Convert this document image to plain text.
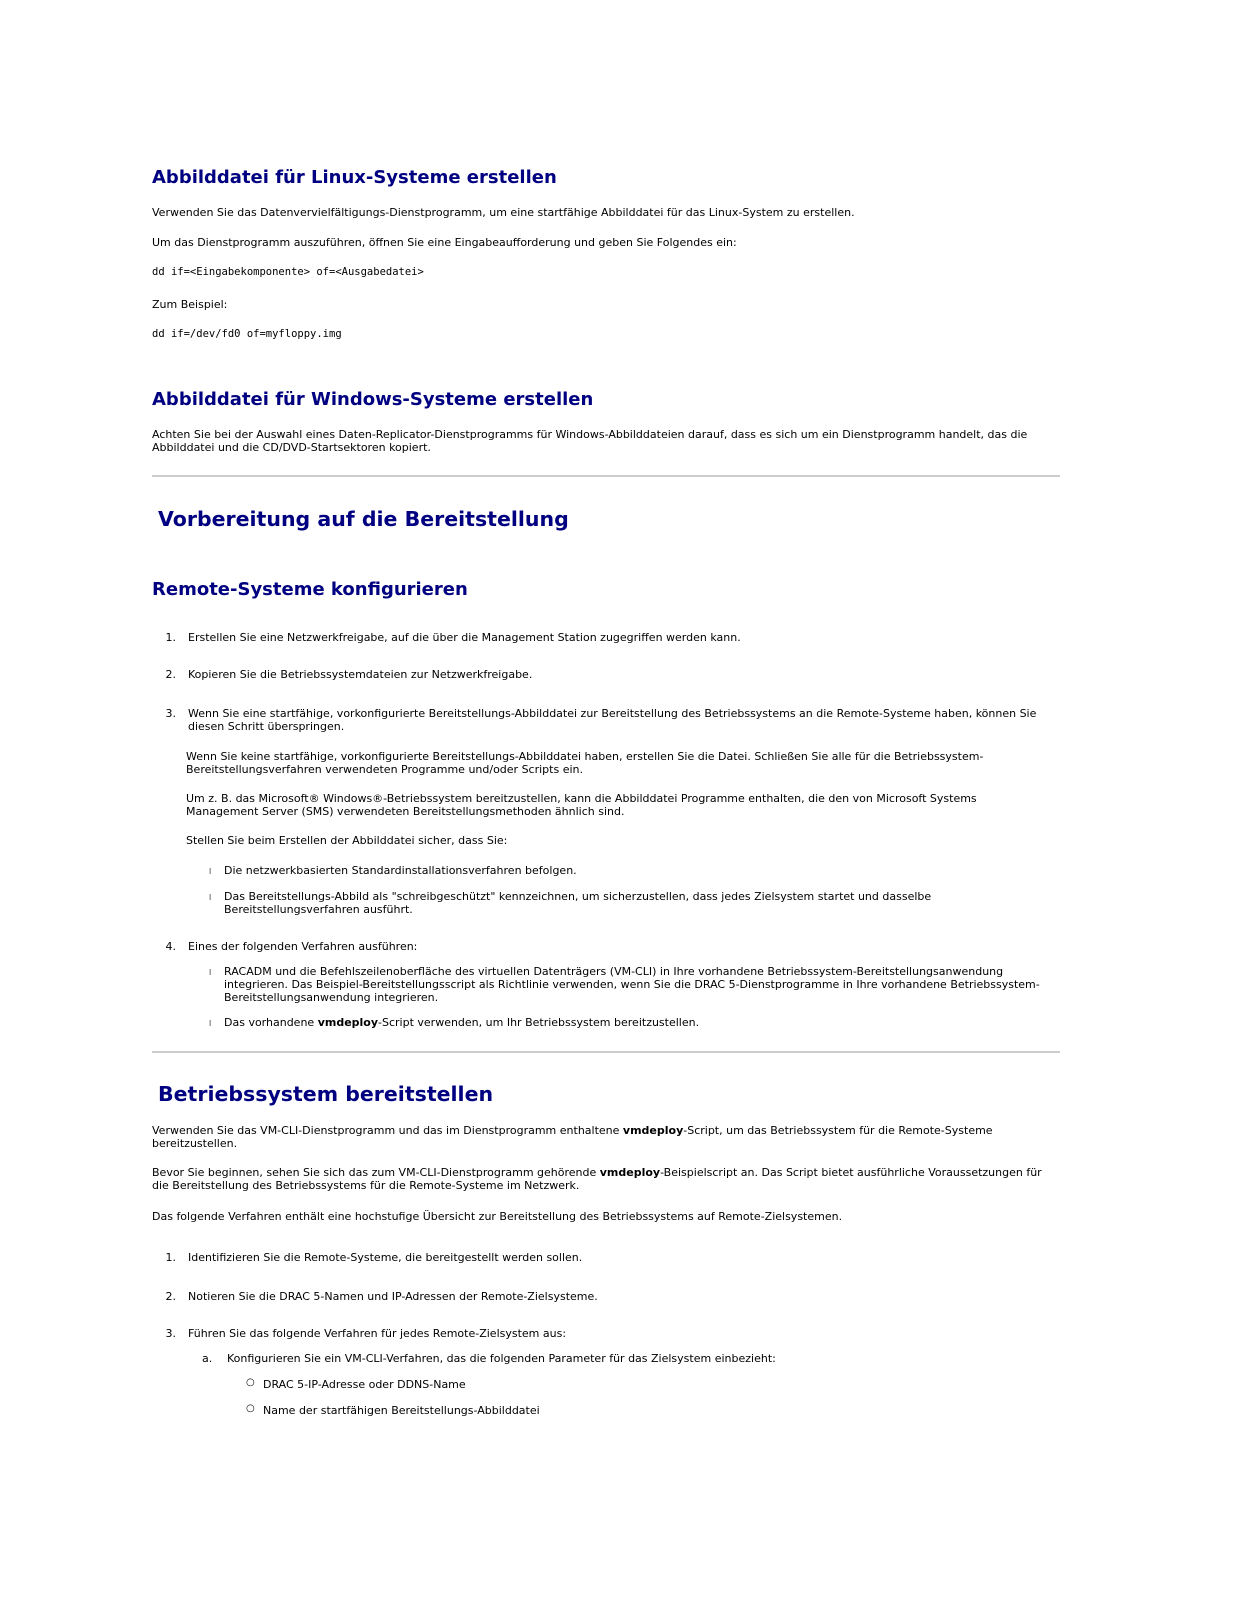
Abbilddatei für Linux-Systeme erstellen

Verwenden Sie das Datenvervielfältigungs-Dienstprogramm, um eine startfähige Abbilddatei für das Linux-System zu erstellen.

Um das Dienstprogramm auszuführen, öffnen Sie eine Eingabeaufforderung und geben Sie Folgendes ein:

dd if=<Eingabekomponente> of=<Ausgabedatei>

Zum Beispiel:

dd if=/dev/fd0 of=myfloppy.img

Abbilddatei für Windows-Systeme erstellen

Achten Sie bei der Auswahl eines Daten-Replicator-Dienstprogramms für Windows-Abbilddateien darauf, dass es sich um ein Dienstprogramm handelt, das die Abbilddatei und die CD/DVD-Startsektoren kopiert.

Vorbereitung auf die Bereitstellung
Remote-Systeme konfigurieren
1. Erstellen Sie eine Netzwerkfreigabe, auf die über die Management Station zugegriffen werden kann.

2. Kopieren Sie die Betriebssystemdateien zur Netzwerkfreigabe.

3. Wenn Sie eine startfähige, vorkonfigurierte Bereitstellungs-Abbilddatei zur Bereitstellung des Betriebssystems an die Remote-Systeme haben, können Sie diesen Schritt überspringen.

Wenn Sie keine startfähige, vorkonfigurierte Bereitstellungs-Abbilddatei haben, erstellen Sie die Datei. Schließen Sie alle für die Betriebssystem-Bereitstellungsverfahren verwendeten Programme und/oder Scripts ein.

Um z. B. das Microsoft® Windows®-Betriebssystem bereitzustellen, kann die Abbilddatei Programme enthalten, die den von Microsoft Systems Management Server (SMS) verwendeten Bereitstellungsmethoden ähnlich sind.

Stellen Sie beim Erstellen der Abbilddatei sicher, dass Sie:

l Die netzwerkbasierten Standardinstallationsverfahren befolgen.

l Das Bereitstellungs-Abbild als "schreibgeschützt" kennzeichnen, um sicherzustellen, dass jedes Zielsystem startet und dasselbe Bereitstellungsverfahren ausführt.

4. Eines der folgenden Verfahren ausführen:

l RACADM und die Befehlszeilenoberfläche des virtuellen Datenträgers (VM-CLI) in Ihre vorhandene Betriebssystem-Bereitstellungsanwendung integrieren. Das Beispiel-Bereitstellungsscript als Richtlinie verwenden, wenn Sie die DRAC 5-Dienstprogramme in Ihre vorhandene Betriebssystem-Bereitstellungsanwendung integrieren.

l Das vorhandene vmdeploy-Script verwenden, um Ihr Betriebssystem bereitzustellen.

Betriebssystem bereitstellen

Verwenden Sie das VM-CLI-Dienstprogramm und das im Dienstprogramm enthaltene vmdeploy-Script, um das Betriebssystem für die Remote-Systeme bereitzustellen.

Bevor Sie beginnen, sehen Sie sich das zum VM-CLI-Dienstprogramm gehörende vmdeploy-Beispielscript an. Das Script bietet ausführliche Voraussetzungen für die Bereitstellung des Betriebssystems für die Remote-Systeme im Netzwerk.

Das folgende Verfahren enthält eine hochstufige Übersicht zur Bereitstellung des Betriebssystems auf Remote-Zielsystemen.

1. Identifizieren Sie die Remote-Systeme, die bereitgestellt werden sollen.

2. Notieren Sie die DRAC 5-Namen und IP-Adressen der Remote-Zielsysteme.

3. Führen Sie das folgende Verfahren für jedes Remote-Zielsystem aus:

a. Konfigurieren Sie ein VM-CLI-Verfahren, das die folgenden Parameter für das Zielsystem einbezieht:

○ DRAC 5-IP-Adresse oder DDNS-Name

○ Name der startfähigen Bereitstellungs-Abbilddatei
